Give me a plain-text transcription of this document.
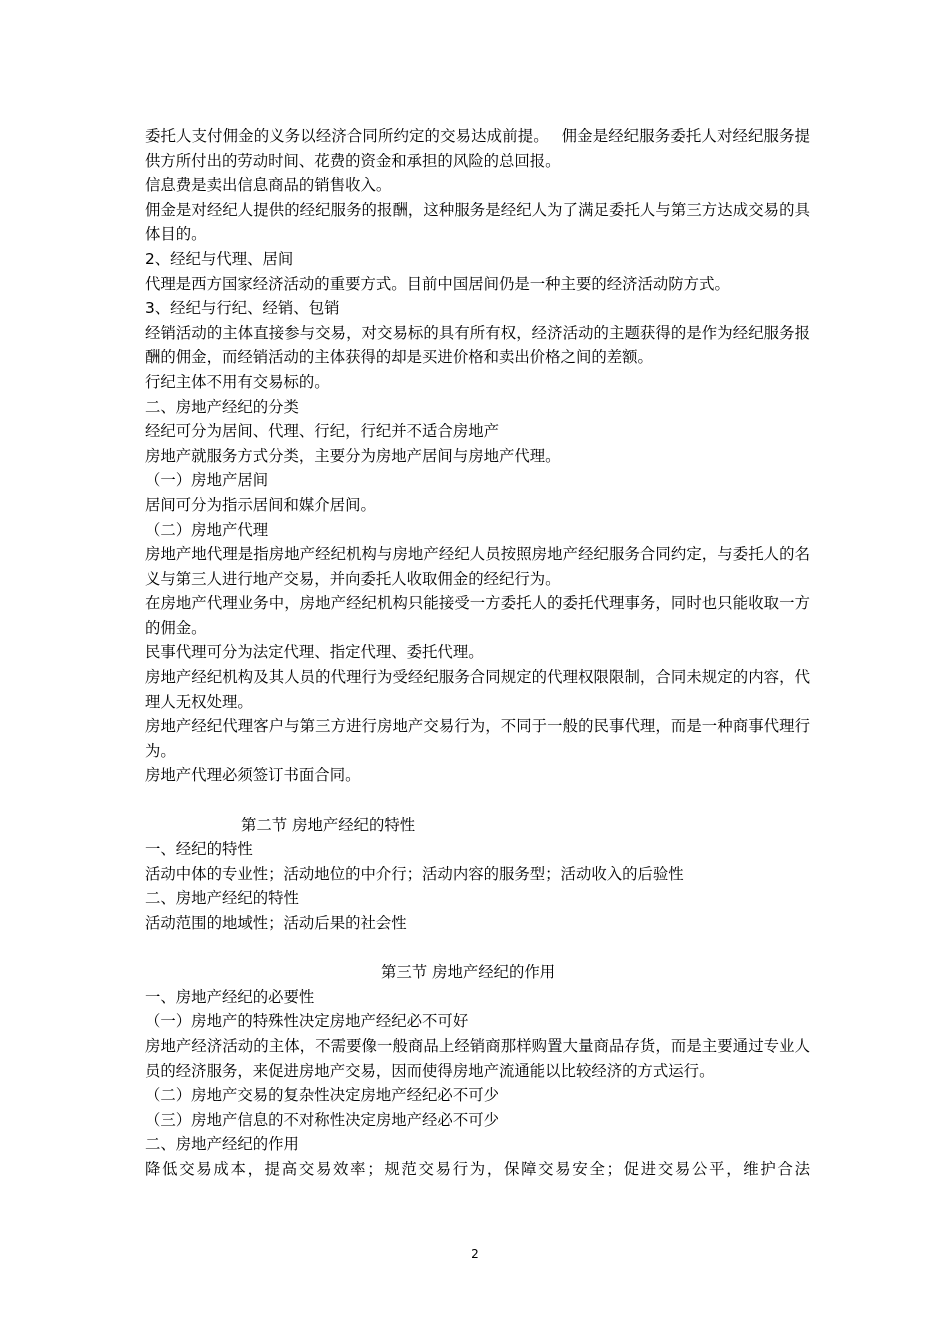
委托人支付佣金的义务以经济合同所约定的交易达成前提。　 佣金是经纪服务委托人对经纪服务提供方所付出的劳动时间、花费的资金和承担的风险的总回报。

信息费是卖出信息商品的销售收入。

佣金是对经纪人提供的经纪服务的报酬，这种服务是经纪人为了满足委托人与第三方达成交易的具体目的。

2、经纪与代理、居间

代理是西方国家经济活动的重要方式。目前中国居间仍是一种主要的经济活动防方式。

3、经纪与行纪、经销、包销

经销活动的主体直接参与交易，对交易标的具有所有权，经济活动的主题获得的是作为经纪服务报酬的佣金，而经销活动的主体获得的却是买进价格和卖出价格之间的差额。

行纪主体不用有交易标的。

二、房地产经纪的分类

经纪可分为居间、代理、行纪，行纪并不适合房地产

房地产就服务方式分类，主要分为房地产居间与房地产代理。

（一）房地产居间

居间可分为指示居间和媒介居间。

（二）房地产代理

房地产地代理是指房地产经纪机构与房地产经纪人员按照房地产经纪服务合同约定，与委托人的名义与第三人进行地产交易，并向委托人收取佣金的经纪行为。

在房地产代理业务中，房地产经纪机构只能接受一方委托人的委托代理事务，同时也只能收取一方的佣金。

民事代理可分为法定代理、指定代理、委托代理。

房地产经纪机构及其人员的代理行为受经纪服务合同规定的代理权限限制，合同未规定的内容，代理人无权处理。

房地产经纪代理客户与第三方进行房地产交易行为，不同于一般的民事代理，而是一种商事代理行为。

房地产代理必须签订书面合同。

第二节 房地产经纪的特性

一、经纪的特性

活动中体的专业性；活动地位的中介行；活动内容的服务型；活动收入的后验性

二、房地产经纪的特性

活动范围的地域性；活动后果的社会性

第三节 房地产经纪的作用

一、房地产经纪的必要性

（一）房地产的特殊性决定房地产经纪必不可好

房地产经济活动的主体，不需要像一般商品上经销商那样购置大量商品存货，而是主要通过专业人员的经济服务，来促进房地产交易，因而使得房地产流通能以比较经济的方式运行。

（二）房地产交易的复杂性决定房地产经纪必不可少

（三）房地产信息的不对称性决定房地产经必不可少

二、房地产经纪的作用

降低交易成本，提高交易效率；规范交易行为，保障交易安全；促进交易公平，维护合法

2
